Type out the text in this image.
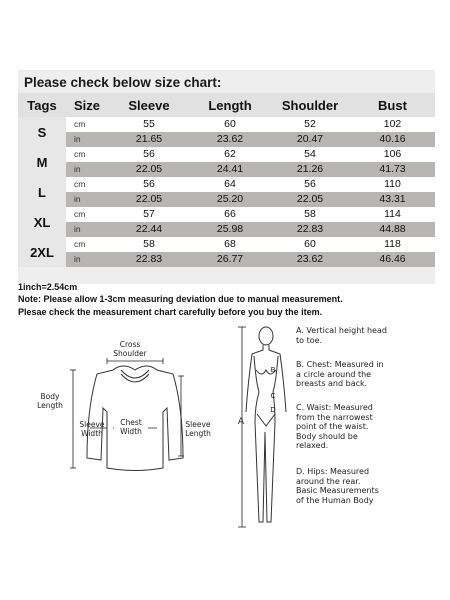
Please check below size chart:
Tags	Size	Sleeve	Length	Shoulder	Bust
S	cm	55	60	52	102
	in	21.65	23.62	20.47	40.16
M	cm	56	62	54	106
	in	22.05	24.41	21.26	41.73
L	cm	56	64	56	110
	in	22.05	25.20	22.05	43.31
XL	cm	57	66	58	114
	in	22.44	25.98	22.83	44.88
2XL	cm	58	68	60	118
	in	22.83	26.77	23.62	46.46
1inch=2.54cm
Note: Please allow 1-3cm measuring deviation due to manual measurement.
Plesae check the measurement chart carefully before you buy the item.
Cross
Shoulder
Body
Length
Sleeve
Width
Chest
Width
Sleeve
Length
A
B
C
D
A. Vertical height head
to toe.
B. Chest: Measured in
a circle around the
breasts and back.
C. Waist: Measured
from the narrowest
point of the waist.
Body should be
relaxed.
D. Hips: Measured
around the rear.
Basic Measurements
of the Human Body
